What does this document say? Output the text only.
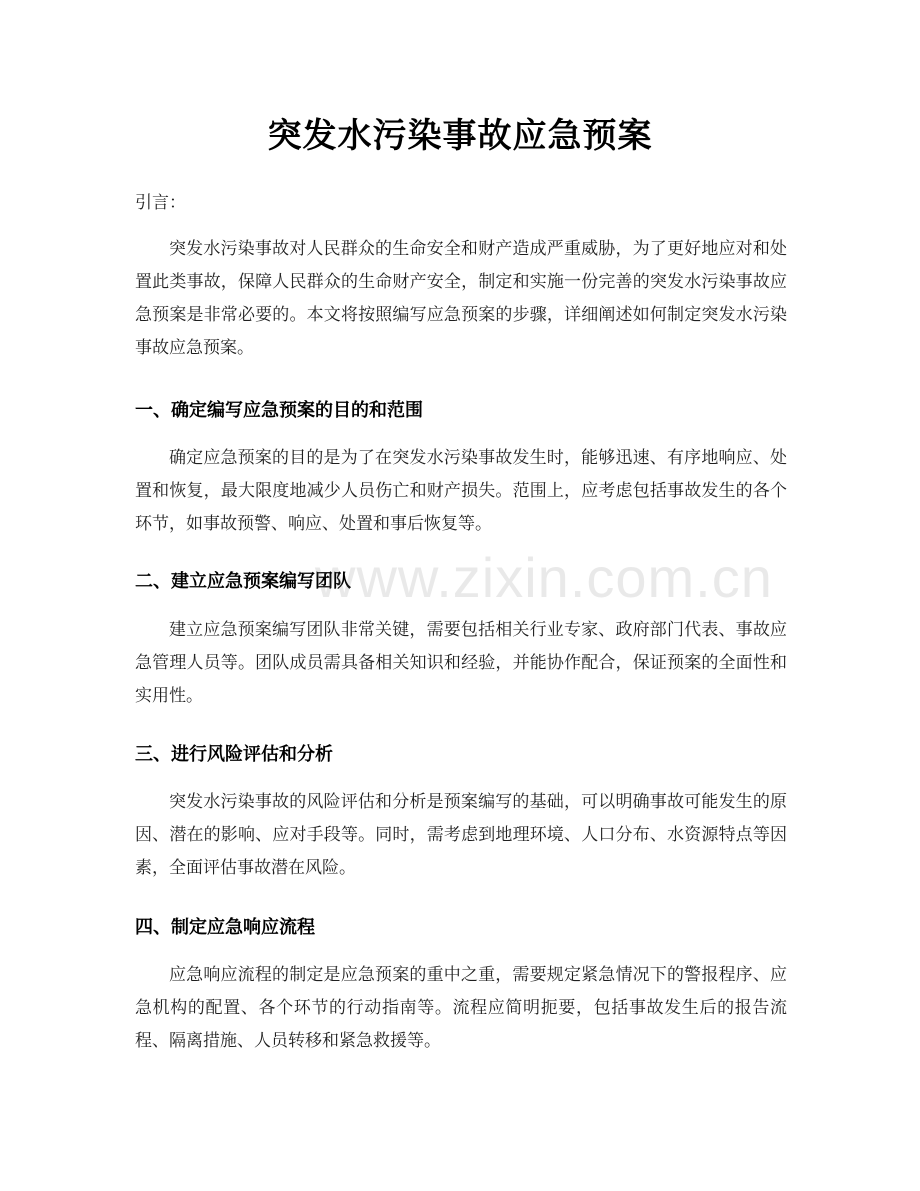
突发水污染事故应急预案

引言：

突发水污染事故对人民群众的生命安全和财产造成严重威胁，为了更好地应对和处置此类事故，保障人民群众的生命财产安全，制定和实施一份完善的突发水污染事故应急预案是非常必要的。本文将按照编写应急预案的步骤，详细阐述如何制定突发水污染事故应急预案。

一、确定编写应急预案的目的和范围

确定应急预案的目的是为了在突发水污染事故发生时，能够迅速、有序地响应、处置和恢复，最大限度地减少人员伤亡和财产损失。范围上，应考虑包括事故发生的各个环节，如事故预警、响应、处置和事后恢复等。

二、建立应急预案编写团队

建立应急预案编写团队非常关键，需要包括相关行业专家、政府部门代表、事故应急管理人员等。团队成员需具备相关知识和经验，并能协作配合，保证预案的全面性和实用性。

三、进行风险评估和分析

突发水污染事故的风险评估和分析是预案编写的基础，可以明确事故可能发生的原因、潜在的影响、应对手段等。同时，需考虑到地理环境、人口分布、水资源特点等因素，全面评估事故潜在风险。

四、制定应急响应流程

应急响应流程的制定是应急预案的重中之重，需要规定紧急情况下的警报程序、应急机构的配置、各个环节的行动指南等。流程应简明扼要，包括事故发生后的报告流程、隔离措施、人员转移和紧急救援等。

www.zixin.com.cn
